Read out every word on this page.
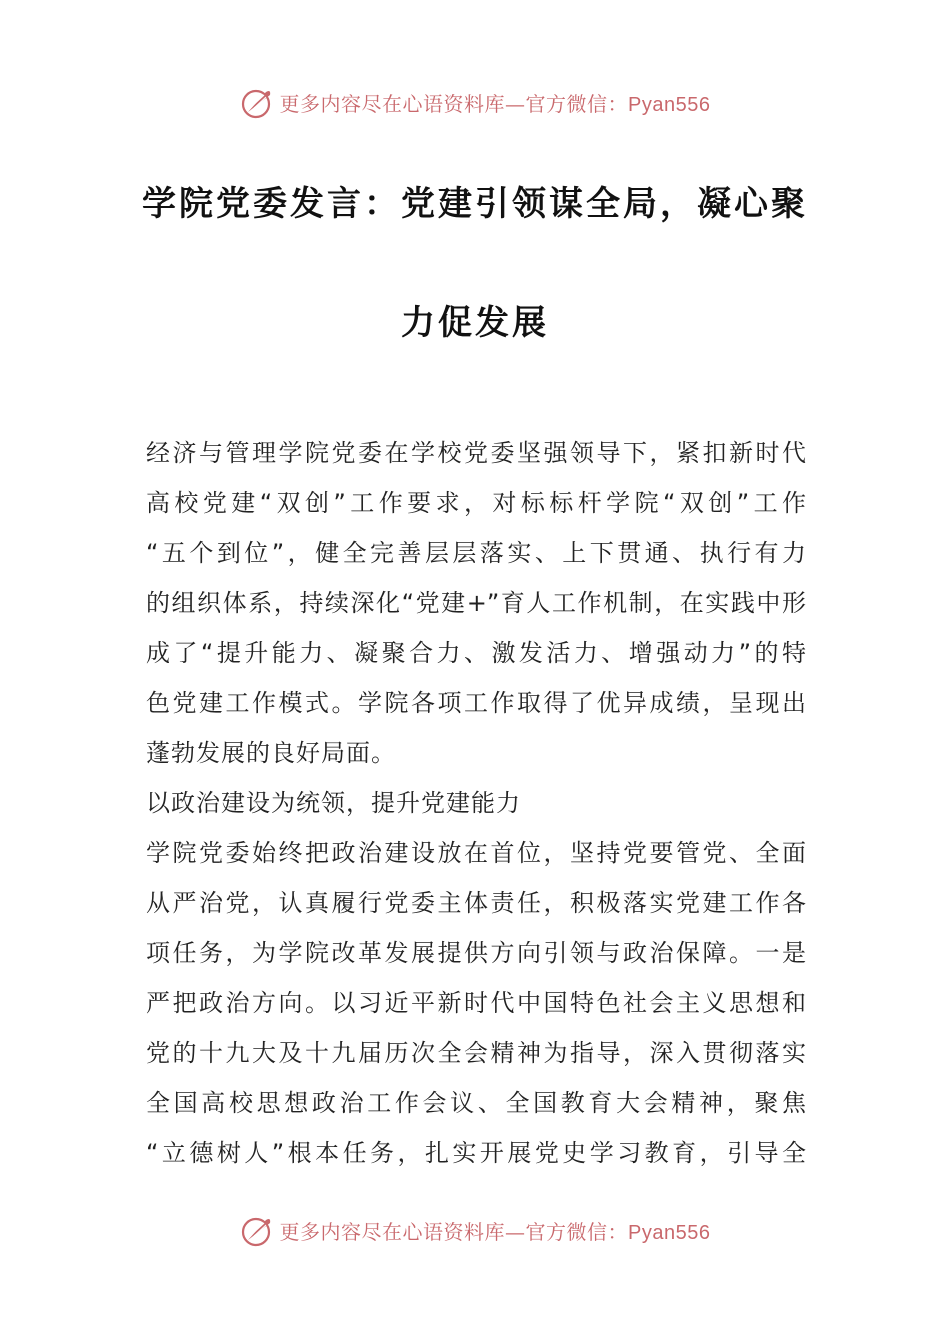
更多内容尽在心语资料库—官方微信：Pyan556
学院党委发言：党建引领谋全局，凝心聚
力促发展
经济与管理学院党委在学校党委坚强领导下，紧扣新时代
高校党建“双创”工作要求，对标标杆学院“双创”工作
“五个到位”，健全完善层层落实、上下贯通、执行有力
的组织体系，持续深化“党建+”育人工作机制，在实践中形
成了“提升能力、凝聚合力、激发活力、增强动力”的特
色党建工作模式。学院各项工作取得了优异成绩，呈现出
蓬勃发展的良好局面。
以政治建设为统领，提升党建能力
学院党委始终把政治建设放在首位，坚持党要管党、全面
从严治党，认真履行党委主体责任，积极落实党建工作各
项任务，为学院改革发展提供方向引领与政治保障。一是
严把政治方向。以习近平新时代中国特色社会主义思想和
党的十九大及十九届历次全会精神为指导，深入贯彻落实
全国高校思想政治工作会议、全国教育大会精神，聚焦
“立德树人”根本任务，扎实开展党史学习教育，引导全
更多内容尽在心语资料库—官方微信：Pyan556
